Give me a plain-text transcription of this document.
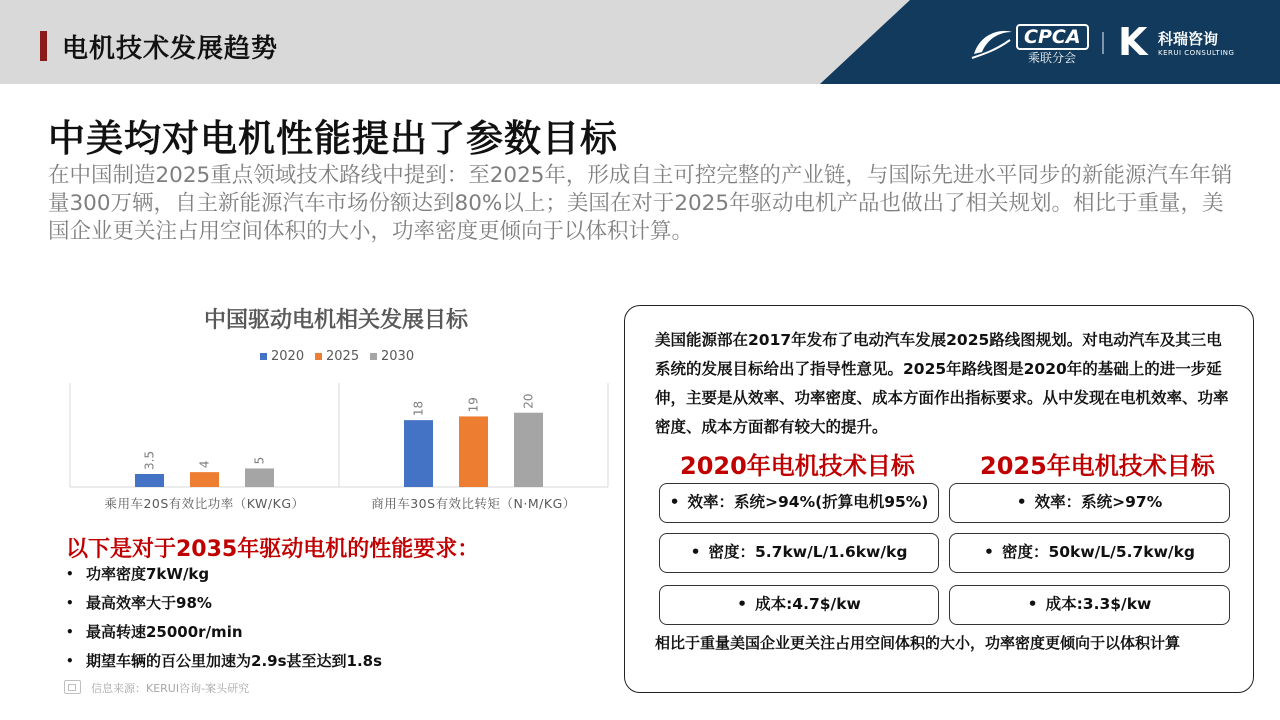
电机技术发展趋势	CPCA
乘联分会 K 科瑞咨询
KERUI CONSULTING
中美均对电机性能提出了参数目标
在中国制造2025重点领域技术路线中提到：至2025年，形成自主可控完整的产业链，与国际先进水平同步的新能源汽车年销量300万辆，自主新能源汽车市场份额达到80%以上；美国在对于2025年驱动电机产品也做出了相关规划。相比于重量，美国企业更关注占用空间体积的大小，功率密度更倾向于以体积计算。
中国驱动电机相关发展目标
2020 2025 2030
3.5	4	5
乘用车20S有效比功率（KW/KG）
18	19	20
商用车30S有效比转矩（N·M/KG）
以下是对于2035年驱动电机的性能要求：
• 功率密度7kW/kg
• 最高效率大于98%
• 最高转速25000r/min
• 期望车辆的百公里加速为2.9s甚至达到1.8s
信息来源：KERUI咨询-案头研究
美国能源部在2017年发布了电动汽车发展2025路线图规划。对电动汽车及其三电系统的发展目标给出了指导性意见。2025年路线图是2020年的基础上的进一步延伸，主要是从效率、功率密度、成本方面作出指标要求。从中发现在电机效率、功率密度、成本方面都有较大的提升。
2020年电机技术目标	2025年电机技术目标
• 效率：系统>94%(折算电机95%)
• 密度：5.7kw/L/1.6kw/kg
• 成本:4.7$/kw
• 效率：系统>97%
• 密度：50kw/L/5.7kw/kg
• 成本:3.3$/kw
相比于重量美国企业更关注占用空间体积的大小，功率密度更倾向于以体积计算
